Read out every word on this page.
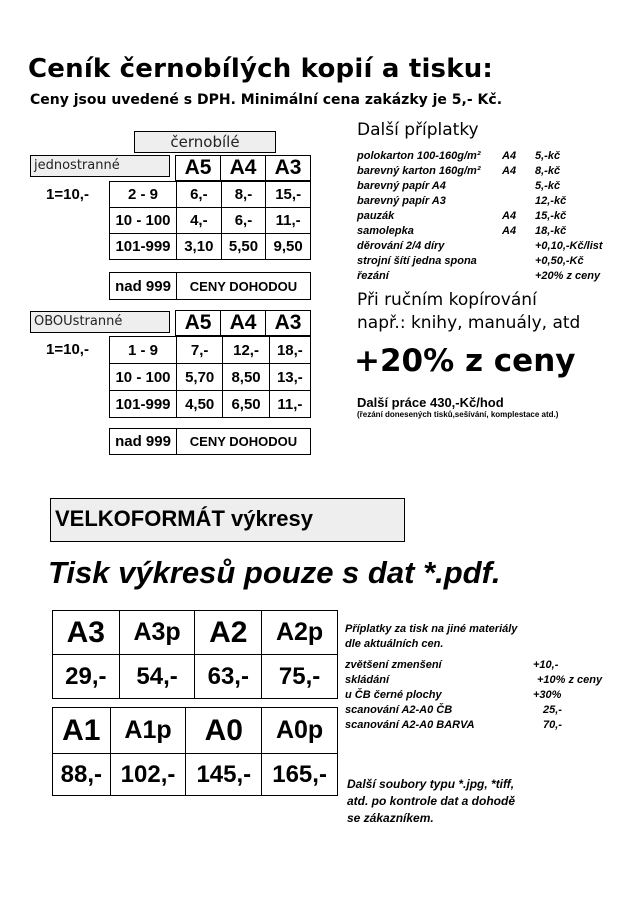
Ceník černobílých kopií a tisku:
Ceny jsou uvedené s DPH. Minimální cena zakázky je 5,- Kč.
černobílé
jednostranné	A5	A4	A3
1=10,-	2 - 9	6,-	8,-	15,-
10 - 100	4,-	6,-	11,-
101-999	3,10	5,50	9,50
nad 999	CENY DOHODOU
OBOUstranné	A5	A4	A3
1=10,-	1 - 9	7,-	12,-	18,-
10 - 100	5,70	8,50	13,-
101-999	4,50	6,50	11,-
nad 999	CENY DOHODOU
Další příplatky
polokarton 100-160g/m²	A4	5,-kč
barevný karton 160g/m²	A4	8,-kč
barevný papír A4	5,-kč
barevný papír A3	12,-kč
pauzák	A4	15,-kč
samolepka	A4	18,-kč
děrování 2/4 díry	+0,10,-Kč/list
strojní šítí jedna spona	+0,50,-Kč
řezání	+20% z ceny
Při ručním kopírování
např.: knihy, manuály, atd
+20% z ceny
Další práce 430,-Kč/hod
(řezání donesených tisků,sešívání, komplestace atd.)
VELKOFORMÁT výkresy
Tisk výkresů pouze s dat *.pdf.
A3	A3p	A2	A2p
29,-	54,-	63,-	75,-
A1	A1p	A0	A0p
88,-	102,-	145,-	165,-
Příplatky za tisk na jiné materiály
dle aktuálních cen.
zvětšení zmenšení	+10,-
skládání	+10% z ceny
u ČB černé plochy	+30%
scanování A2-A0 ČB	25,-
scanování A2-A0 BARVA	70,-
Další soubory typu *.jpg, *tiff,
atd. po kontrole dat a dohodě
se zákazníkem.
